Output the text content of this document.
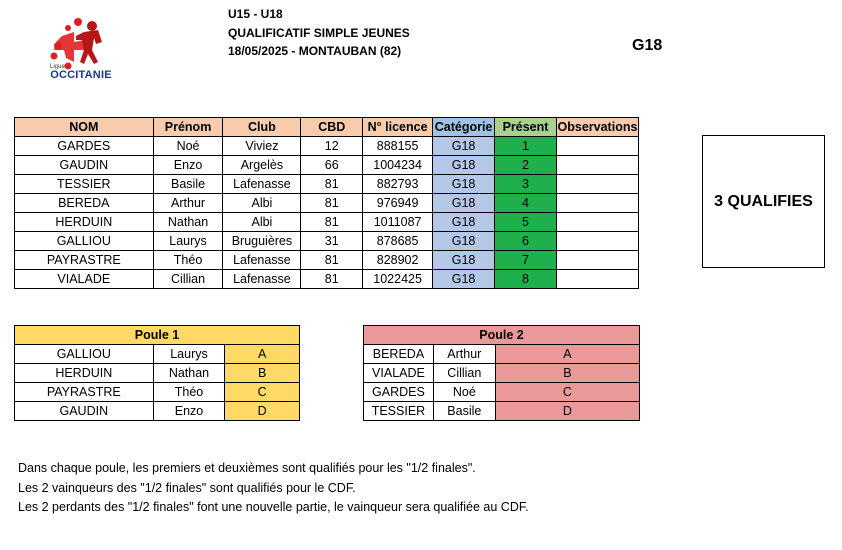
Ligue
OCCITANIE
U15 - U18
QUALIFICATIF SIMPLE JEUNES
18/05/2025 - MONTAUBAN (82)	G18
NOM	Prénom	Club	CBD	N° licence	Catégorie	Présent	Observations
GARDES	Noé	Viviez	12	888155	G18	1	
GAUDIN	Enzo	Argelès	66	1004234	G18	2	
TESSIER	Basile	Lafenasse	81	882793	G18	3	
BEREDA	Arthur	Albi	81	976949	G18	4	
HERDUIN	Nathan	Albi	81	1011087	G18	5	
GALLIOU	Laurys	Bruguières	31	878685	G18	6	
PAYRASTRE	Théo	Lafenasse	81	828902	G18	7	
VIALADE	Cillian	Lafenasse	81	1022425	G18	8	
3 QUALIFIES
Poule 1		
GALLIOU	Laurys	A
HERDUIN	Nathan	B
PAYRASTRE	Théo	C
GAUDIN	Enzo	D
Poule 2		
BEREDA	Arthur	A
VIALADE	Cillian	B
GARDES	Noé	C
TESSIER	Basile	D
Dans chaque poule, les premiers et deuxièmes sont qualifiés pour les "1/2 finales".
Les 2 vainqueurs des "1/2 finales" sont qualifiés pour le CDF.
Les 2 perdants des "1/2 finales" font une nouvelle partie, le vainqueur sera qualifiée au CDF.
